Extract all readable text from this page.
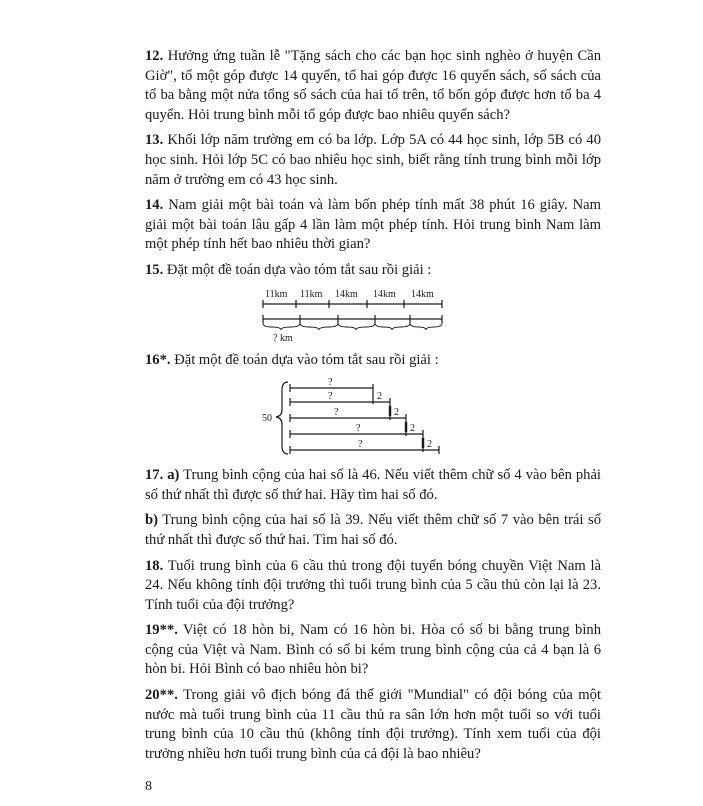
12. Hưởng ứng tuần lễ "Tặng sách cho các bạn học sinh nghèo ở huyện Cần Giờ", tổ một góp được 14 quyển, tổ hai góp được 16 quyển sách, số sách của tổ ba bằng một nửa tổng số sách của hai tổ trên, tổ bốn góp được hơn tổ ba 4 quyển. Hỏi trung bình mỗi tổ góp được bao nhiêu quyển sách?

13. Khối lớp năm trường em có ba lớp. Lớp 5A có 44 học sinh, lớp 5B có 40 học sinh. Hỏi lớp 5C có bao nhiêu học sinh, biết rằng tính trung bình mỗi lớp năm ở trường em có 43 học sinh.

14. Nam giải một bài toán và làm bốn phép tính mất 38 phút 16 giây. Nam giải một bài toán lâu gấp 4 lần làm một phép tính. Hỏi trung bình Nam làm một phép tính hết bao nhiêu thời gian?

15. Đặt một đề toán dựa vào tóm tắt sau rồi giải :

11km 11km 14km 14km 14km
? km

16*. Đặt một đề toán dựa vào tóm tắt sau rồi giải :

50
?
?
?
?
?
2
2
2
2

17. a) Trung bình cộng của hai số là 46. Nếu viết thêm chữ số 4 vào bên phải số thứ nhất thì được số thứ hai. Hãy tìm hai số đó.

b) Trung bình cộng của hai số là 39. Nếu viết thêm chữ số 7 vào bên trái số thứ nhất thì được số thứ hai. Tìm hai số đó.

18. Tuổi trung bình của 6 cầu thủ trong đội tuyển bóng chuyền Việt Nam là 24. Nếu không tính đội trưởng thì tuổi trung bình của 5 cầu thủ còn lại là 23. Tính tuổi của đội trưởng?

19**. Việt có 18 hòn bi, Nam có 16 hòn bi. Hòa có số bi bằng trung bình cộng của Việt và Nam. Bình có số bi kém trung bình cộng của cả 4 bạn là 6 hòn bi. Hỏi Bình có bao nhiêu hòn bi?

20**. Trong giải vô địch bóng đá thế giới "Mundial" có đội bóng của một nước mà tuổi trung bình của 11 cầu thủ ra sân lớn hơn một tuổi so với tuổi trung bình của 10 cầu thủ (không tính đội trưởng). Tính xem tuổi của đội trưởng nhiều hơn tuổi trung bình của cả đội là bao nhiêu?

8
